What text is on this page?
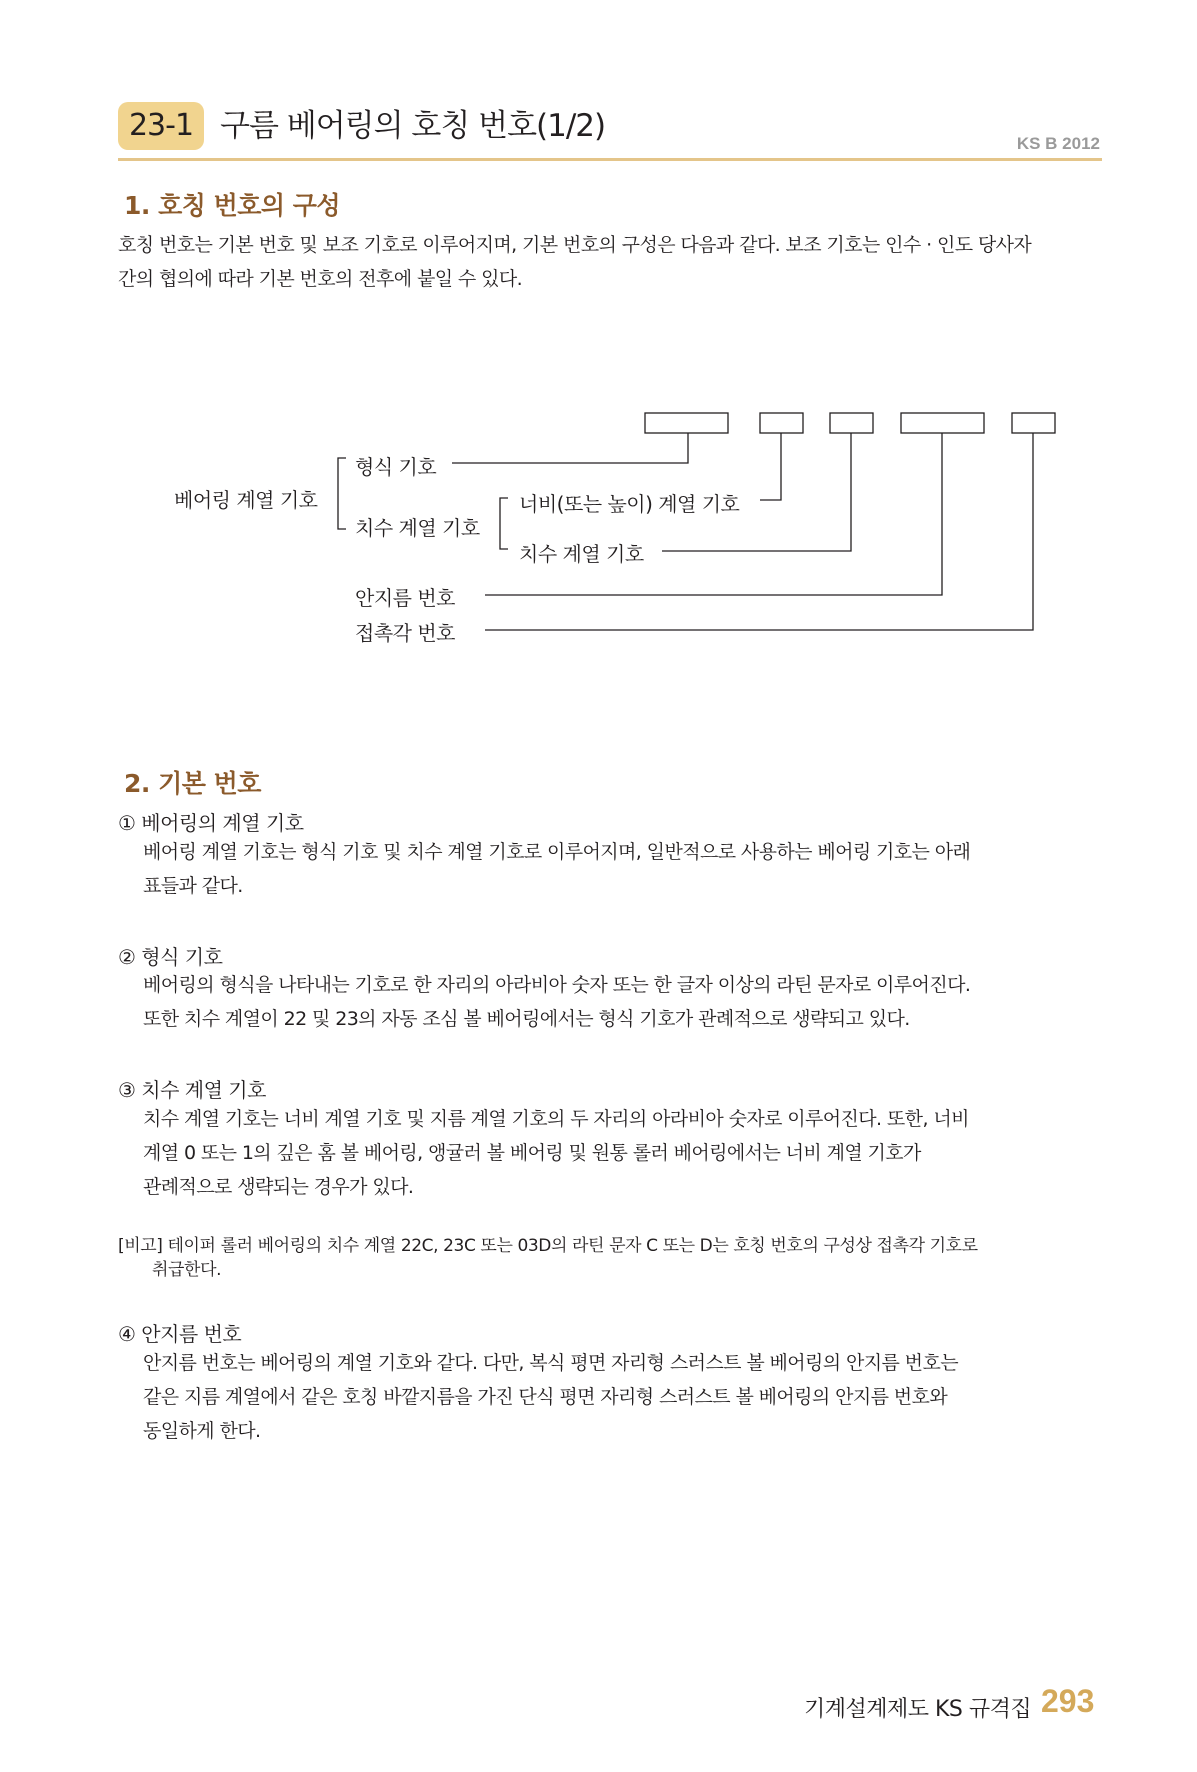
23-1 구름 베어링의 호칭 번호(1/2)	KS B 2012
1. 호칭 번호의 구성
호칭 번호는 기본 번호 및 보조 기호로 이루어지며, 기본 번호의 구성은 다음과 같다. 보조 기호는 인수 · 인도 당사자
간의 협의에 따라 기본 번호의 전후에 붙일 수 있다.
베어링 계열 기호
형식 기호
치수 계열 기호
너비(또는 높이) 계열 기호
치수 계열 기호
안지름 번호
접촉각 번호
2. 기본 번호
① 베어링의 계열 기호
베어링 계열 기호는 형식 기호 및 치수 계열 기호로 이루어지며, 일반적으로 사용하는 베어링 기호는 아래
표들과 같다.
② 형식 기호
베어링의 형식을 나타내는 기호로 한 자리의 아라비아 숫자 또는 한 글자 이상의 라틴 문자로 이루어진다.
또한 치수 계열이 22 및 23의 자동 조심 볼 베어링에서는 형식 기호가 관례적으로 생략되고 있다.
③ 치수 계열 기호
치수 계열 기호는 너비 계열 기호 및 지름 계열 기호의 두 자리의 아라비아 숫자로 이루어진다. 또한, 너비
계열 0 또는 1의 깊은 홈 볼 베어링, 앵귤러 볼 베어링 및 원통 롤러 베어링에서는 너비 계열 기호가
관례적으로 생략되는 경우가 있다.
[비고] 테이퍼 롤러 베어링의 치수 계열 22C, 23C 또는 03D의 라틴 문자 C 또는 D는 호칭 번호의 구성상 접촉각 기호로
취급한다.
④ 안지름 번호
안지름 번호는 베어링의 계열 기호와 같다. 다만, 복식 평면 자리형 스러스트 볼 베어링의 안지름 번호는
같은 지름 계열에서 같은 호칭 바깥지름을 가진 단식 평면 자리형 스러스트 볼 베어링의 안지름 번호와
동일하게 한다.
기계설계제도 KS 규격집 293
